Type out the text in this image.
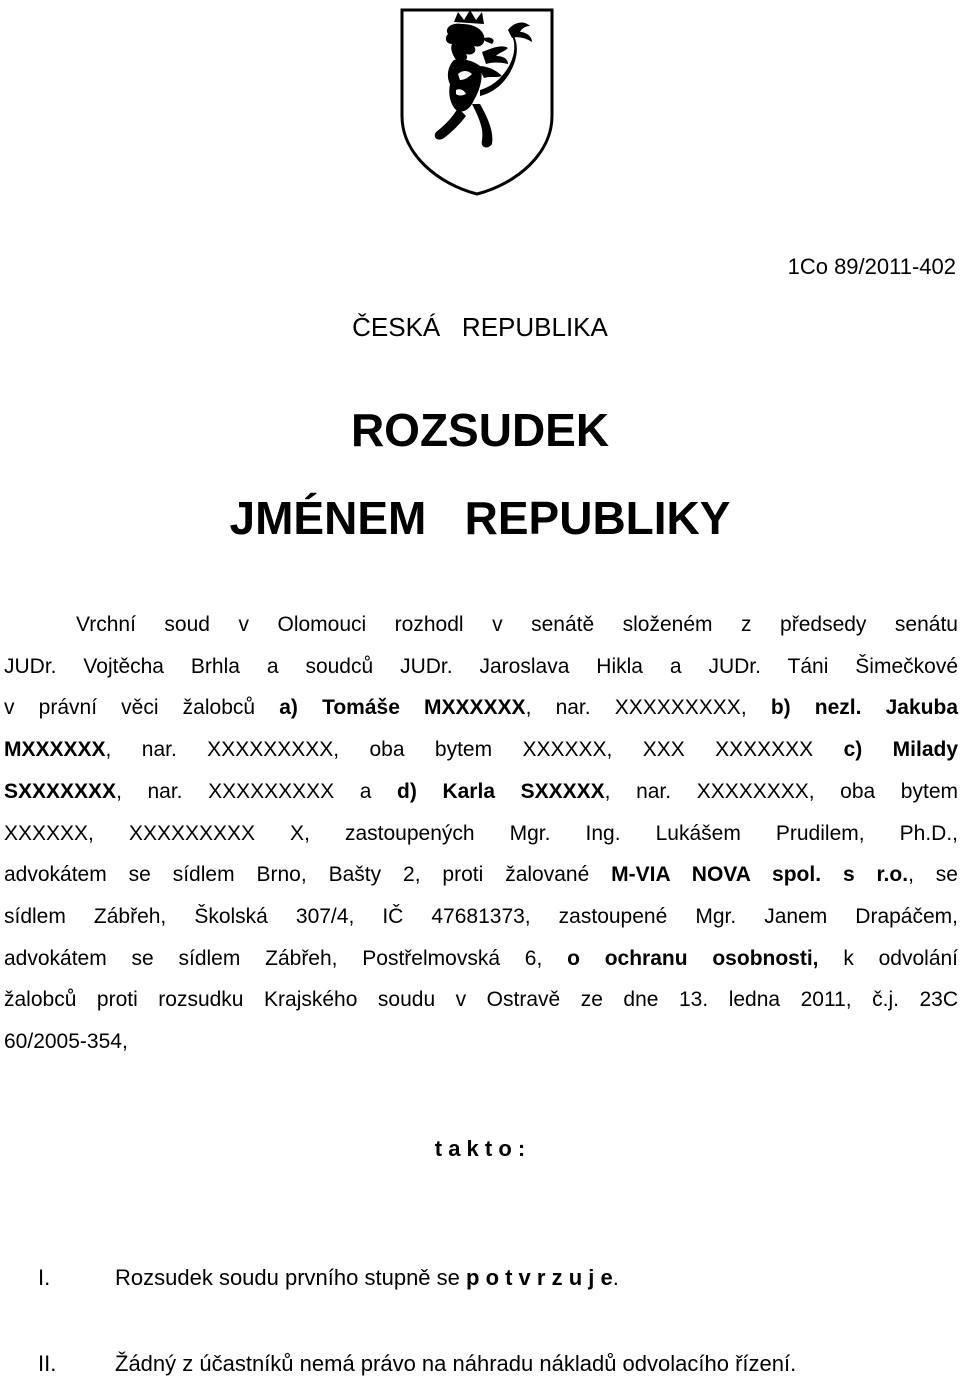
1Co 89/2011-402
ČESKÁ   REPUBLIKA
ROZSUDEK
JMÉNEM   REPUBLIKY
Vrchní soud v Olomouci rozhodl v senátě složeném z předsedy senátu
JUDr. Vojtěcha Brhla a soudců JUDr. Jaroslava Hikla a JUDr. Táni Šimečkové
v právní věci žalobců a) Tomáše MXXXXXX, nar. XXXXXXXXX, b) nezl. Jakuba
MXXXXXX, nar. XXXXXXXXX, oba bytem XXXXXX, XXX XXXXXXX c) Milady
SXXXXXXX, nar. XXXXXXXXX a d) Karla SXXXXX, nar. XXXXXXXX, oba bytem
XXXXXX, XXXXXXXXX X, zastoupených Mgr. Ing. Lukášem Prudilem, Ph.D.,
advokátem se sídlem Brno, Bašty 2, proti žalované M-VIA NOVA spol. s r.o., se
sídlem Zábřeh, Školská 307/4, IČ 47681373, zastoupené Mgr. Janem Drapáčem,
advokátem se sídlem Zábřeh, Postřelmovská 6, o ochranu osobnosti, k odvolání
žalobců proti rozsudku Krajského soudu v Ostravě ze dne 13. ledna 2011, č.j. 23C
60/2005-354,
t a k t o :
I.	Rozsudek soudu prvního stupně se p o t v r z u j e.
II.	Žádný z účastníků nemá právo na náhradu nákladů odvolacího řízení.
